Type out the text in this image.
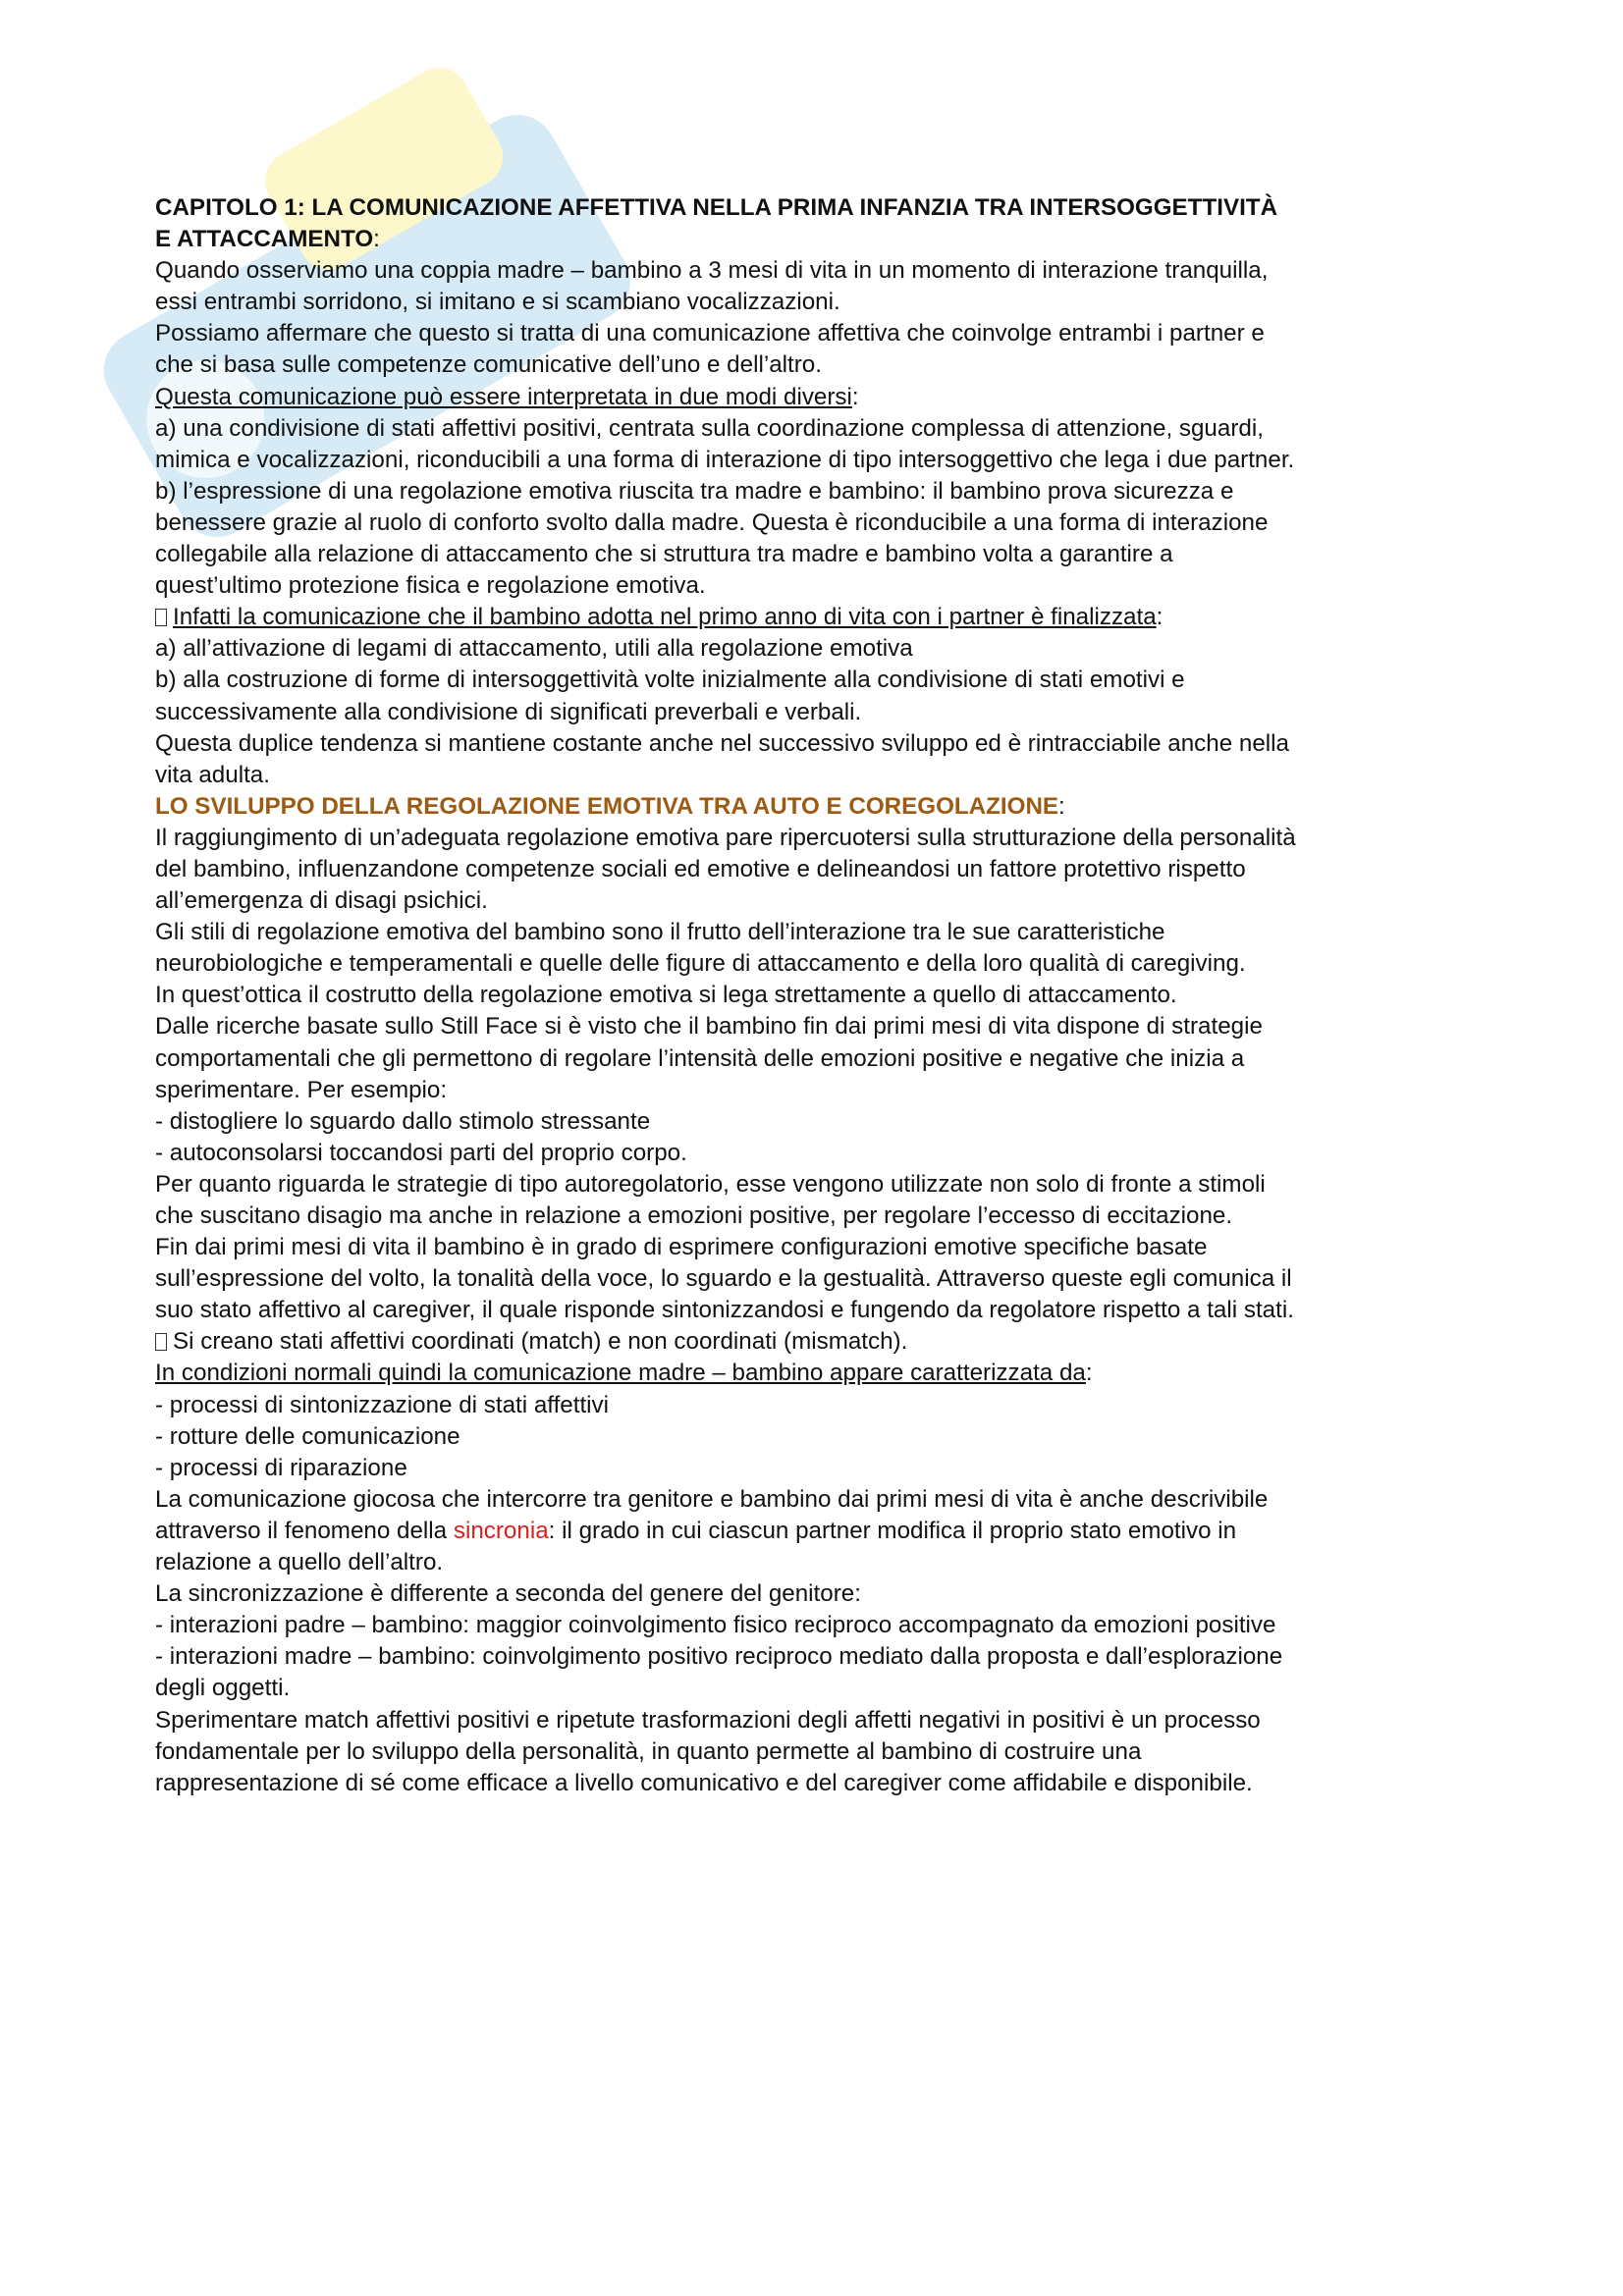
CAPITOLO 1: LA COMUNICAZIONE AFFETTIVA NELLA PRIMA INFANZIA TRA INTERSOGGETTIVITÀ

E ATTACCAMENTO:

Quando osserviamo una coppia madre – bambino a 3 mesi di vita in un momento di interazione tranquilla,

essi entrambi sorridono, si imitano e si scambiano vocalizzazioni.

Possiamo affermare che questo si tratta di una comunicazione affettiva che coinvolge entrambi i partner e

che si basa sulle competenze comunicative dell’uno e dell’altro.

Questa comunicazione può essere interpretata in due modi diversi:

a) una condivisione di stati affettivi positivi, centrata sulla coordinazione complessa di attenzione, sguardi,

mimica e vocalizzazioni, riconducibili a una forma di interazione di tipo intersoggettivo che lega i due partner.

b) l’espressione di una regolazione emotiva riuscita tra madre e bambino: il bambino prova sicurezza e

benessere grazie al ruolo di conforto svolto dalla madre. Questa è riconducibile a una forma di interazione

collegabile alla relazione di attaccamento che si struttura tra madre e bambino volta a garantire a

quest’ultimo protezione fisica e regolazione emotiva.

Infatti la comunicazione che il bambino adotta nel primo anno di vita con i partner è finalizzata:

a) all’attivazione di legami di attaccamento, utili alla regolazione emotiva

b) alla costruzione di forme di intersoggettività volte inizialmente alla condivisione di stati emotivi e

successivamente alla condivisione di significati preverbali e verbali.

Questa duplice tendenza si mantiene costante anche nel successivo sviluppo ed è rintracciabile anche nella

vita adulta.

LO SVILUPPO DELLA REGOLAZIONE EMOTIVA TRA AUTO E COREGOLAZIONE:

Il raggiungimento di un’adeguata regolazione emotiva pare ripercuotersi sulla strutturazione della personalità

del bambino, influenzandone competenze sociali ed emotive e delineandosi un fattore protettivo rispetto

all’emergenza di disagi psichici.

Gli stili di regolazione emotiva del bambino sono il frutto dell’interazione tra le sue caratteristiche

neurobiologiche e temperamentali e quelle delle figure di attaccamento e della loro qualità di caregiving.

In quest’ottica il costrutto della regolazione emotiva si lega strettamente a quello di attaccamento.

Dalle ricerche basate sullo Still Face si è visto che il bambino fin dai primi mesi di vita dispone di strategie

comportamentali che gli permettono di regolare l’intensità delle emozioni positive e negative che inizia a

sperimentare. Per esempio:

- distogliere lo sguardo dallo stimolo stressante

- autoconsolarsi toccandosi parti del proprio corpo.

Per quanto riguarda le strategie di tipo autoregolatorio, esse vengono utilizzate non solo di fronte a stimoli

che suscitano disagio ma anche in relazione a emozioni positive, per regolare l’eccesso di eccitazione.

Fin dai primi mesi di vita il bambino è in grado di esprimere configurazioni emotive specifiche basate

sull’espressione del volto, la tonalità della voce, lo sguardo e la gestualità. Attraverso queste egli comunica il

suo stato affettivo al caregiver, il quale risponde sintonizzandosi e fungendo da regolatore rispetto a tali stati.

Si creano stati affettivi coordinati (match) e non coordinati (mismatch).

In condizioni normali quindi la comunicazione madre – bambino appare caratterizzata da:

- processi di sintonizzazione di stati affettivi

- rotture delle comunicazione

- processi di riparazione

La comunicazione giocosa che intercorre tra genitore e bambino dai primi mesi di vita è anche descrivibile

attraverso il fenomeno della sincronia: il grado in cui ciascun partner modifica il proprio stato emotivo in

relazione a quello dell’altro.

La sincronizzazione è differente a seconda del genere del genitore:

- interazioni padre – bambino: maggior coinvolgimento fisico reciproco accompagnato da emozioni positive

- interazioni madre – bambino: coinvolgimento positivo reciproco mediato dalla proposta e dall’esplorazione

degli oggetti.

Sperimentare match affettivi positivi e ripetute trasformazioni degli affetti negativi in positivi è un processo

fondamentale per lo sviluppo della personalità, in quanto permette al bambino di costruire una

rappresentazione di sé come efficace a livello comunicativo e del caregiver come affidabile e disponibile.
